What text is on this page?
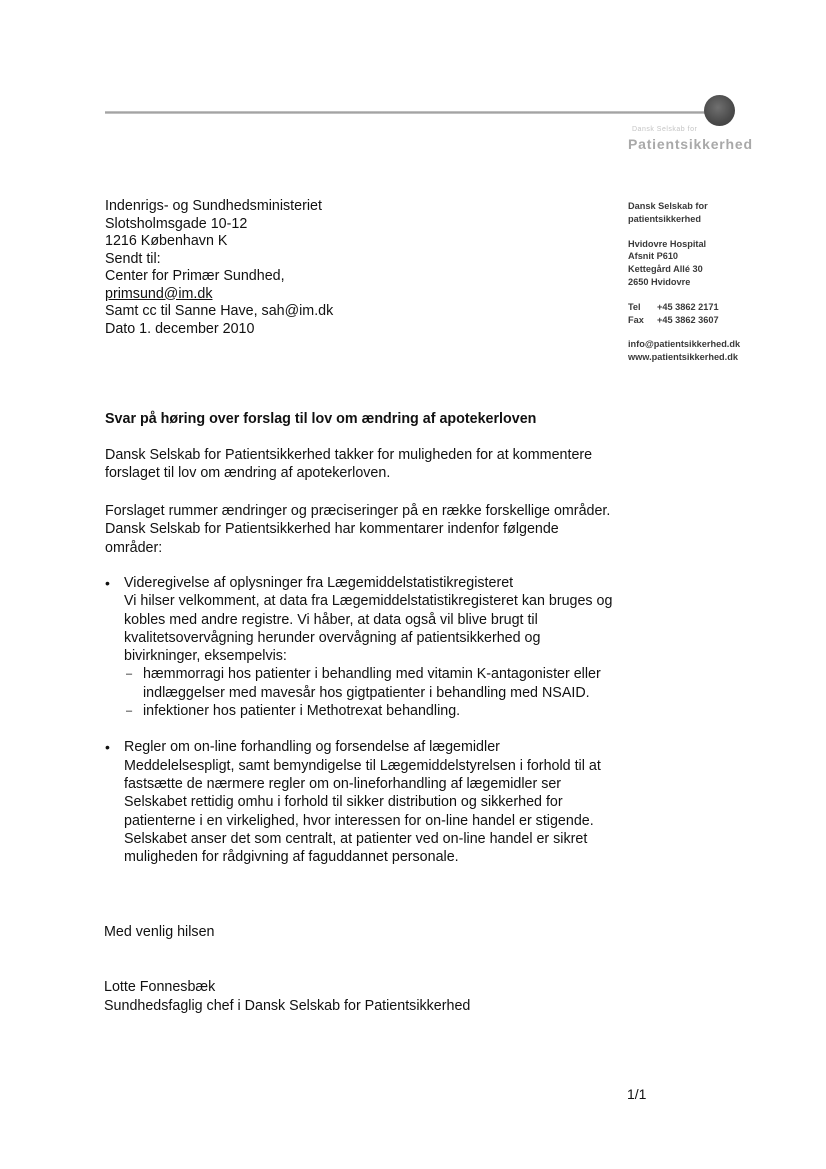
Dansk Selskab for
Patientsikkerhed
Indenrigs- og Sundhedsministeriet
Slotsholmsgade 10-12
1216 København K
Sendt til:
Center for Primær Sundhed,
primsund@im.dk
Samt cc til Sanne Have, sah@im.dk
Dato 1. december 2010
Dansk Selskab for
patientsikkerhed
Hvidovre Hospital
Afsnit P610
Kettegård Allé 30
2650 Hvidovre
Tel +45 3862 2171
Fax +45 3862 3607
info@patientsikkerhed.dk
www.patientsikkerhed.dk
Svar på høring over forslag til lov om ændring af apotekerloven
Dansk Selskab for Patientsikkerhed takker for muligheden for at kommentere forslaget til lov om ændring af apotekerloven.
Forslaget rummer ændringer og præciseringer på en række forskellige områder. Dansk Selskab for Patientsikkerhed har kommentarer indenfor følgende områder:
• Videregivelse af oplysninger fra Lægemiddelstatistikregisteret
Vi hilser velkomment, at data fra Lægemiddelstatistikregisteret kan bruges og kobles med andre registre. Vi håber, at data også vil blive brugt til kvalitetsovervågning herunder overvågning af patientsikkerhed og bivirkninger, eksempelvis:
– hæmmorragi hos patienter i behandling med vitamin K-antagonister eller indlæggelser med mavesår hos gigtpatienter i behandling med NSAID.
– infektioner hos patienter i Methotrexat behandling.
• Regler om on-line forhandling og forsendelse af lægemidler
Meddelelsespligt, samt bemyndigelse til Lægemiddelstyrelsen i forhold til at fastsætte de nærmere regler om on-lineforhandling af lægemidler ser Selskabet rettidig omhu i forhold til sikker distribution og sikkerhed for patienterne i en virkelighed, hvor interessen for on-line handel er stigende. Selskabet anser det som centralt, at patienter ved on-line handel er sikret muligheden for rådgivning af faguddannet personale.
Med venlig hilsen
Lotte Fonnesbæk
Sundhedsfaglig chef i Dansk Selskab for Patientsikkerhed
1/1
